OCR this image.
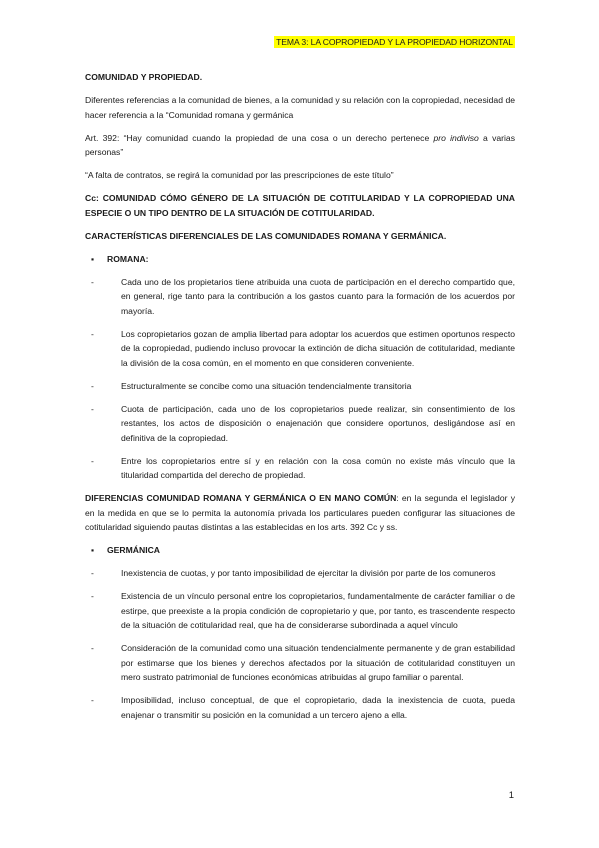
TEMA 3: LA COPROPIEDAD Y LA PROPIEDAD HORIZONTAL

COMUNIDAD Y PROPIEDAD.

Diferentes referencias a la comunidad de bienes, a la comunidad y su relación con la copropiedad, necesidad de hacer referencia a la “Comunidad romana y germánica

Art. 392: “Hay comunidad cuando la propiedad de una cosa o un derecho pertenece pro indiviso a varias personas”

“A falta de contratos, se regirá la comunidad por las prescripciones de este título”

Cc: COMUNIDAD CÓMO GÉNERO DE LA SITUACIÓN DE COTITULARIDAD Y LA COPROPIEDAD UNA ESPECIE O UN TIPO DENTRO DE LA SITUACIÓN DE COTITULARIDAD.

CARACTERÍSTICAS DIFERENCIALES DE LAS COMUNIDADES ROMANA Y GERMÁNICA.

▪	ROMANA:
-	Cada uno de los propietarios tiene atribuida una cuota de participación en el derecho compartido que, en general, rige tanto para la contribución a los gastos cuanto para la formación de los acuerdos por mayoría.
-	Los copropietarios gozan de amplia libertad para adoptar los acuerdos que estimen oportunos respecto de la copropiedad, pudiendo incluso provocar la extinción de dicha situación de cotitularidad, mediante la división de la cosa común, en el momento en que consideren conveniente.
-	Estructuralmente se concibe como una situación tendencialmente transitoria
-	Cuota de participación, cada uno de los copropietarios puede realizar, sin consentimiento de los restantes, los actos de disposición o enajenación que considere oportunos, desligándose así en definitiva de la copropiedad.
-	Entre los copropietarios entre sí y en relación con la cosa común no existe más vínculo que la titularidad compartida del derecho de propiedad.

DIFERENCIAS COMUNIDAD ROMANA Y GERMÁNICA O EN MANO COMÚN: en la segunda el legislador y en la medida en que se lo permita la autonomía privada los particulares pueden configurar las situaciones de cotitularidad siguiendo pautas distintas a las establecidas en los arts. 392 Cc y ss.

▪	GERMÁNICA
-	Inexistencia de cuotas, y por tanto imposibilidad de ejercitar la división por parte de los comuneros
-	Existencia de un vínculo personal entre los copropietarios, fundamentalmente de carácter familiar o de estirpe, que preexiste a la propia condición de copropietario y que, por tanto, es trascendente respecto de la situación de cotitularidad real, que ha de considerarse subordinada a aquel vínculo
-	Consideración de la comunidad como una situación tendencialmente permanente y de gran estabilidad por estimarse que los bienes y derechos afectados por la situación de cotitularidad constituyen un mero sustrato patrimonial de funciones económicas atribuidas al grupo familiar o parental.
-	Imposibilidad, incluso conceptual, de que el copropietario, dada la inexistencia de cuota, pueda enajenar o transmitir su posición en la comunidad a un tercero ajeno a ella.
1
